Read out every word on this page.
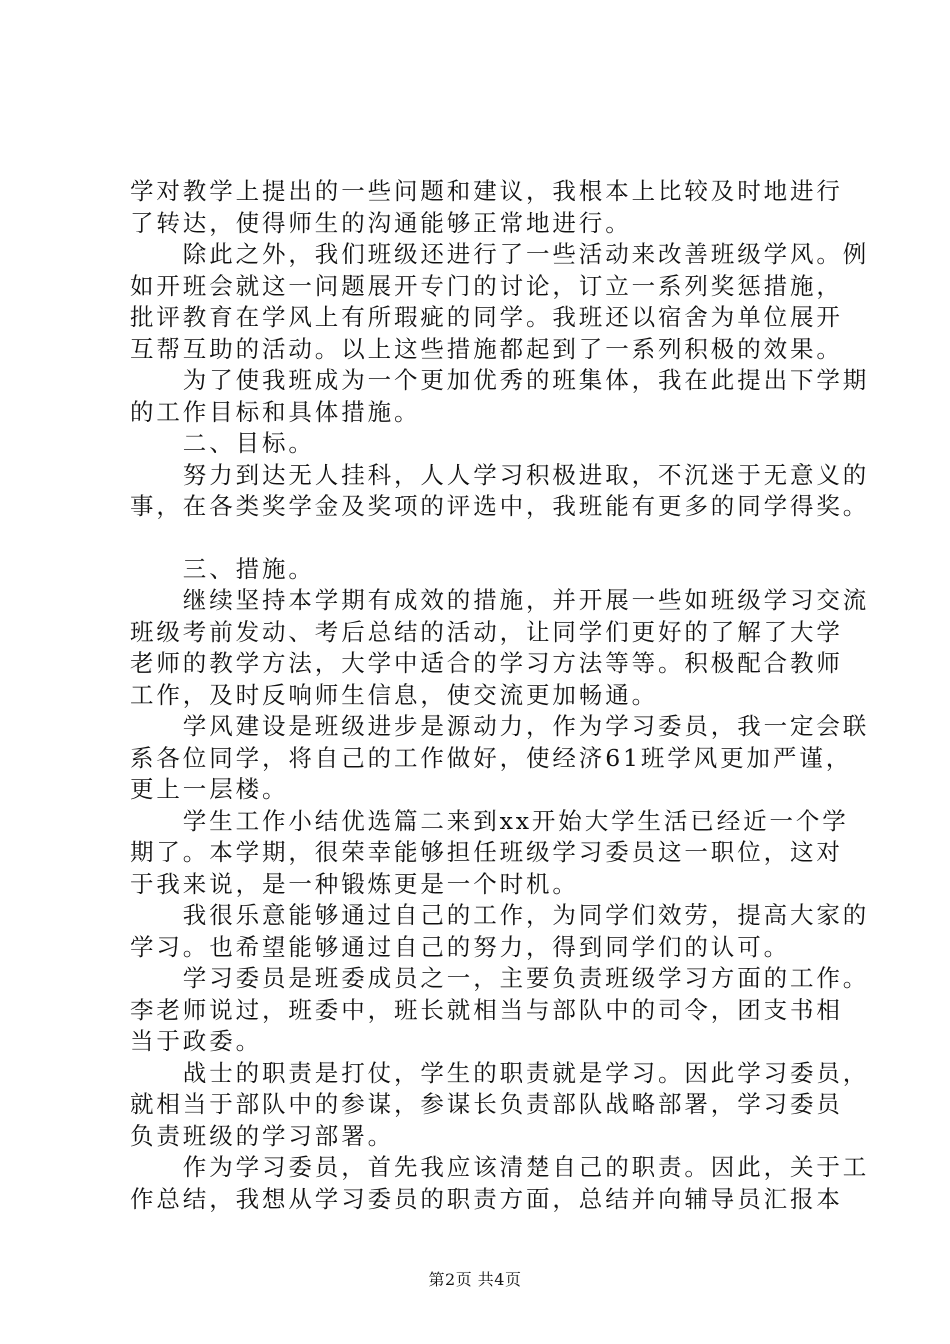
学对教学上提出的一些问题和建议，我根本上比较及时地进行

了转达，使得师生的沟通能够正常地进行。

　　除此之外，我们班级还进行了一些活动来改善班级学风。例

如开班会就这一问题展开专门的讨论，订立一系列奖惩措施，

批评教育在学风上有所瑕疵的同学。我班还以宿舍为单位展开

互帮互助的活动。以上这些措施都起到了一系列积极的效果。

　　为了使我班成为一个更加优秀的班集体，我在此提出下学期

的工作目标和具体措施。

　　二、目标。

　　努力到达无人挂科，人人学习积极进取，不沉迷于无意义的

事，在各类奖学金及奖项的评选中，我班能有更多的同学得奖。

　　三、措施。

　　继续坚持本学期有成效的措施，并开展一些如班级学习交流

班级考前发动、考后总结的活动，让同学们更好的了解了大学

老师的教学方法，大学中适合的学习方法等等。积极配合教师

工作，及时反响师生信息，使交流更加畅通。

　　学风建设是班级进步是源动力，作为学习委员，我一定会联

系各位同学，将自己的工作做好，使经济61班学风更加严谨，

更上一层楼。

　　学生工作小结优选篇二来到xx开始大学生活已经近一个学

期了。本学期，很荣幸能够担任班级学习委员这一职位，这对

于我来说，是一种锻炼更是一个时机。

　　我很乐意能够通过自己的工作，为同学们效劳，提高大家的

学习。也希望能够通过自己的努力，得到同学们的认可。

　　学习委员是班委成员之一，主要负责班级学习方面的工作。

李老师说过，班委中，班长就相当与部队中的司令，团支书相

当于政委。

　　战士的职责是打仗，学生的职责就是学习。因此学习委员，

就相当于部队中的参谋，参谋长负责部队战略部署，学习委员

负责班级的学习部署。

　　作为学习委员，首先我应该清楚自己的职责。因此，关于工

作总结，我想从学习委员的职责方面，总结并向辅导员汇报本

第2页 共4页
